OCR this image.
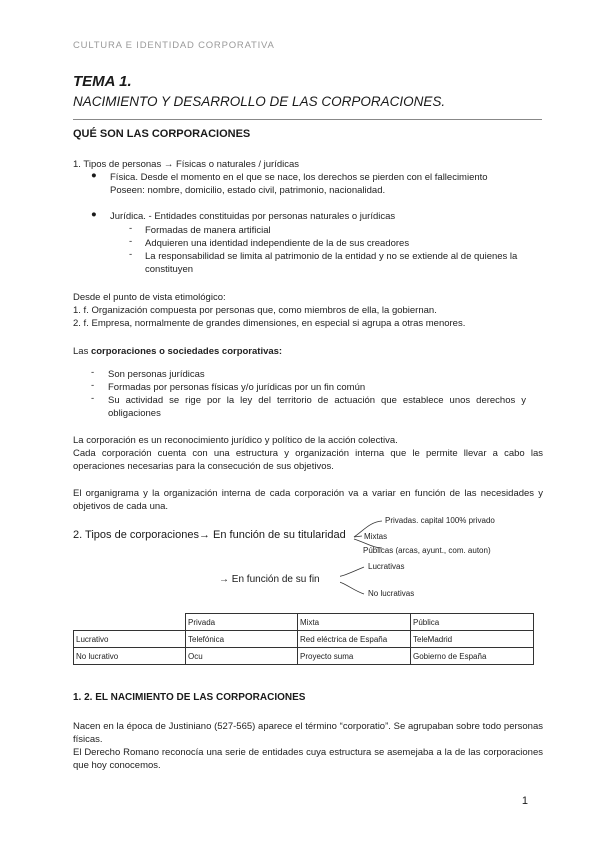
CULTURA E IDENTIDAD CORPORATIVA
TEMA 1.
NACIMIENTO Y DESARROLLO DE LAS CORPORACIONES.
QUÉ SON LAS CORPORACIONES
1. Tipos de personas → Físicas o naturales / jurídicas
● Física. Desde el momento en el que se nace, los derechos se pierden con el fallecimiento
Poseen: nombre, domicilio, estado civil, patrimonio, nacionalidad.
● Jurídica. - Entidades constituidas por personas naturales o jurídicas
- Formadas de manera artificial
- Adquieren una identidad independiente de la de sus creadores
- La responsabilidad se limita al patrimonio de la entidad y no se extiende al de quienes la
constituyen
Desde el punto de vista etimológico:
1. f. Organización compuesta por personas que, como miembros de ella, la gobiernan.
2. f. Empresa, normalmente de grandes dimensiones, en especial si agrupa a otras menores.
Las corporaciones o sociedades corporativas:
- Son personas jurídicas
- Formadas por personas físicas y/o jurídicas por un fin común
- Su actividad se rige por la ley del territorio de actuación que establece unos derechos y obligaciones
La corporación es un reconocimiento jurídico y político de la acción colectiva.
Cada corporación cuenta con una estructura y organización interna que le permite llevar a cabo las operaciones necesarias para la consecución de sus objetivos.
El organigrama y la organización interna de cada corporación va a variar en función de las necesidades y objetivos de cada una.
2. Tipos de corporaciones→ En función de su titularidad
Privadas. capital 100% privado
Mixtas
Públicas (arcas, ayunt., com. auton)
→ En función de su fin
Lucrativas
No lucrativas
	Privada	Mixta	Pública
Lucrativo	Telefónica	Red eléctrica de España	TeleMadrid
No lucrativo	Ocu	Proyecto suma	Gobierno de España
1. 2. EL NACIMIENTO DE LAS CORPORACIONES
Nacen en la época de Justiniano (527-565) aparece el término “corporatio”. Se agrupaban sobre todo personas físicas.
El Derecho Romano reconocía una serie de entidades cuya estructura se asemejaba a la de las corporaciones que hoy conocemos.
1
